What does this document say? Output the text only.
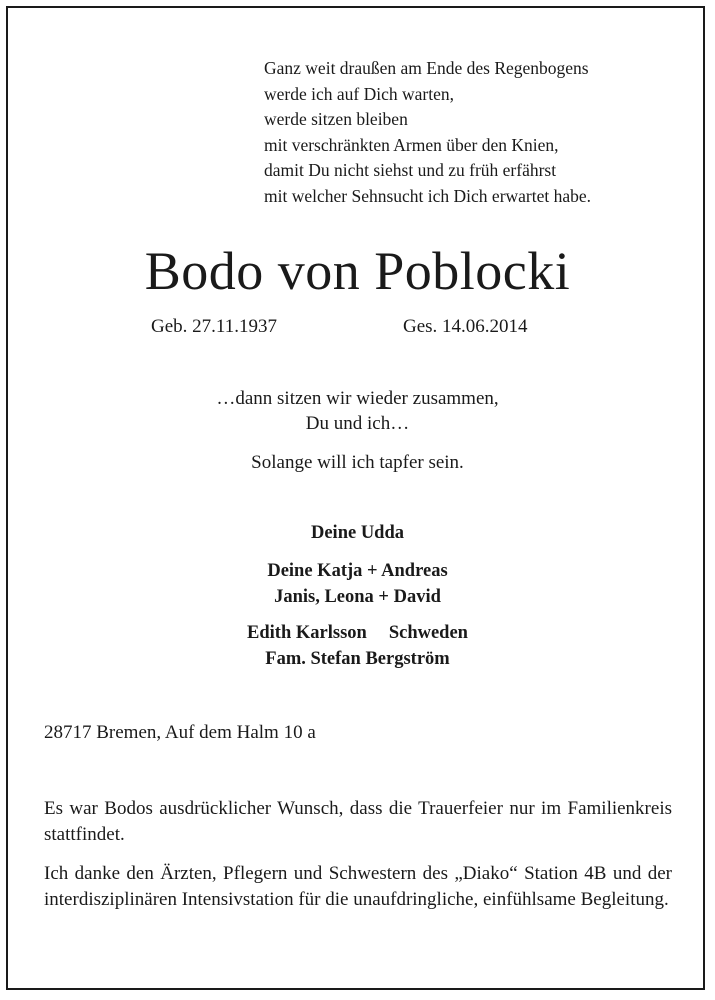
Ganz weit draußen am Ende des Regenbogens
werde ich auf Dich warten,
werde sitzen bleiben
mit verschränkten Armen über den Knien,
damit Du nicht siehst und zu früh erfährst
mit welcher Sehnsucht ich Dich erwartet habe.
Bodo von Poblocki
Geb. 27.11.1937	Ges. 14.06.2014
…dann sitzen wir wieder zusammen,
Du und ich…
Solange will ich tapfer sein.
Deine Udda
Deine Katja + Andreas
Janis, Leona + David
Edith Karlsson Schweden
Fam. Stefan Bergström
28717 Bremen, Auf dem Halm 10 a
Es war Bodos ausdrücklicher Wunsch, dass die Trauerfeier nur im Familienkreis stattfindet.
Ich danke den Ärzten, Pflegern und Schwestern des „Diako“ Station 4B und der interdisziplinären Intensivstation für die unaufdringliche, einfühlsame Begleitung.
